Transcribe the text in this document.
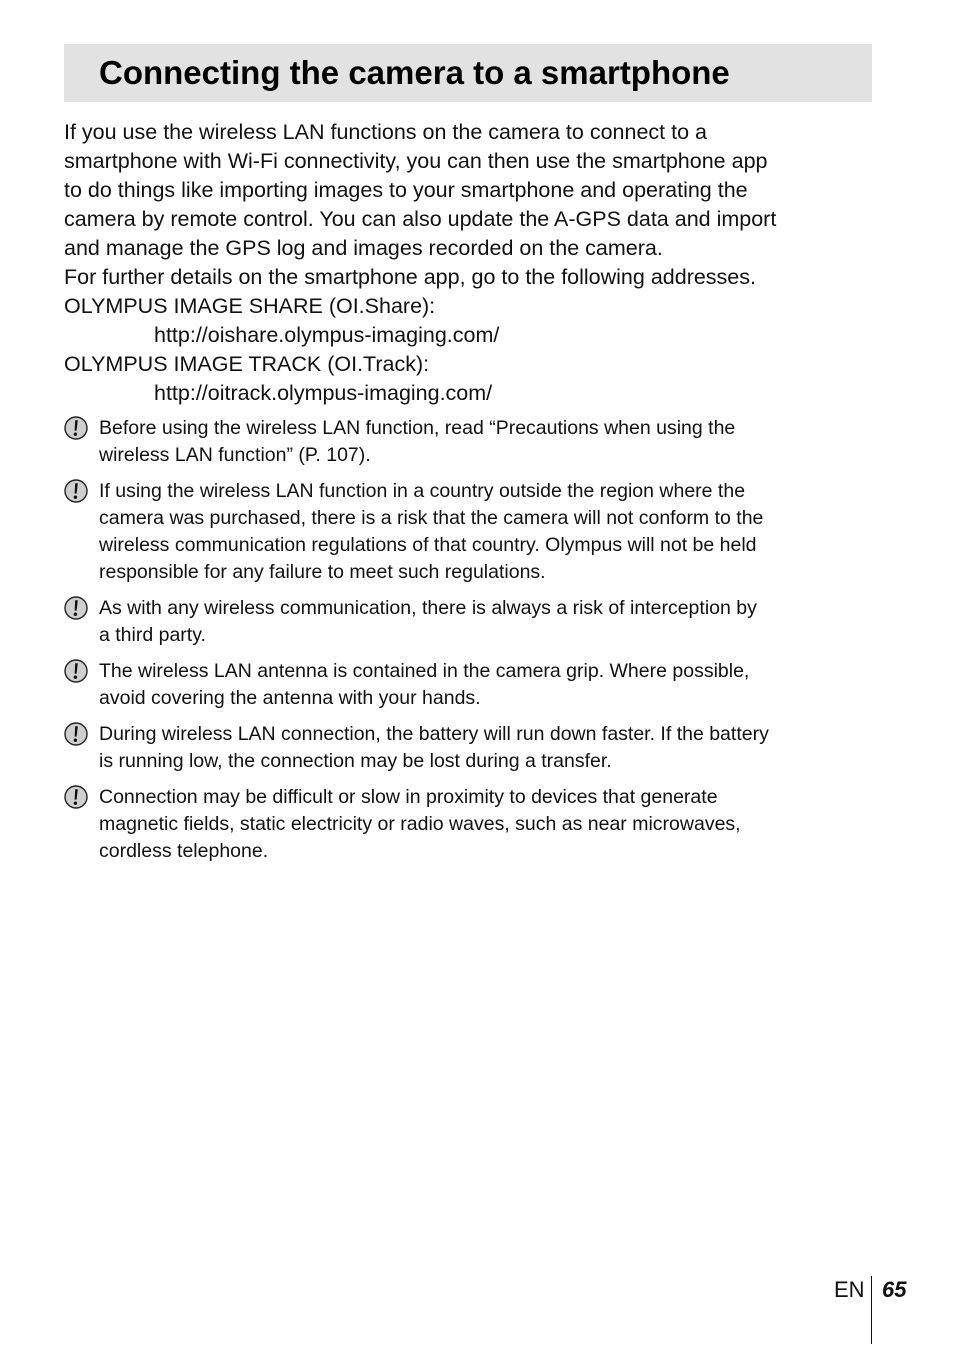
Connecting the camera to a smartphone

If you use the wireless LAN functions on the camera to connect to a

smartphone with Wi-Fi connectivity, you can then use the smartphone app

to do things like importing images to your smartphone and operating the

camera by remote control. You can also update the A-GPS data and import

and manage the GPS log and images recorded on the camera.

For further details on the smartphone app, go to the following addresses.

OLYMPUS IMAGE SHARE (OI.Share):

http://oishare.olympus-imaging.com/

OLYMPUS IMAGE TRACK (OI.Track):

http://oitrack.olympus-imaging.com/

Before using the wireless LAN function, read “Precautions when using the
wireless LAN function” (P. 107).
If using the wireless LAN function in a country outside the region where the
camera was purchased, there is a risk that the camera will not conform to the
wireless communication regulations of that country. Olympus will not be held
responsible for any failure to meet such regulations.
As with any wireless communication, there is always a risk of interception by
a third party.
The wireless LAN antenna is contained in the camera grip. Where possible,
avoid covering the antenna with your hands.
During wireless LAN connection, the battery will run down faster. If the battery
is running low, the connection may be lost during a transfer.
Connection may be difficult or slow in proximity to devices that generate
magnetic fields, static electricity or radio waves, such as near microwaves,
cordless telephone.
EN 65
